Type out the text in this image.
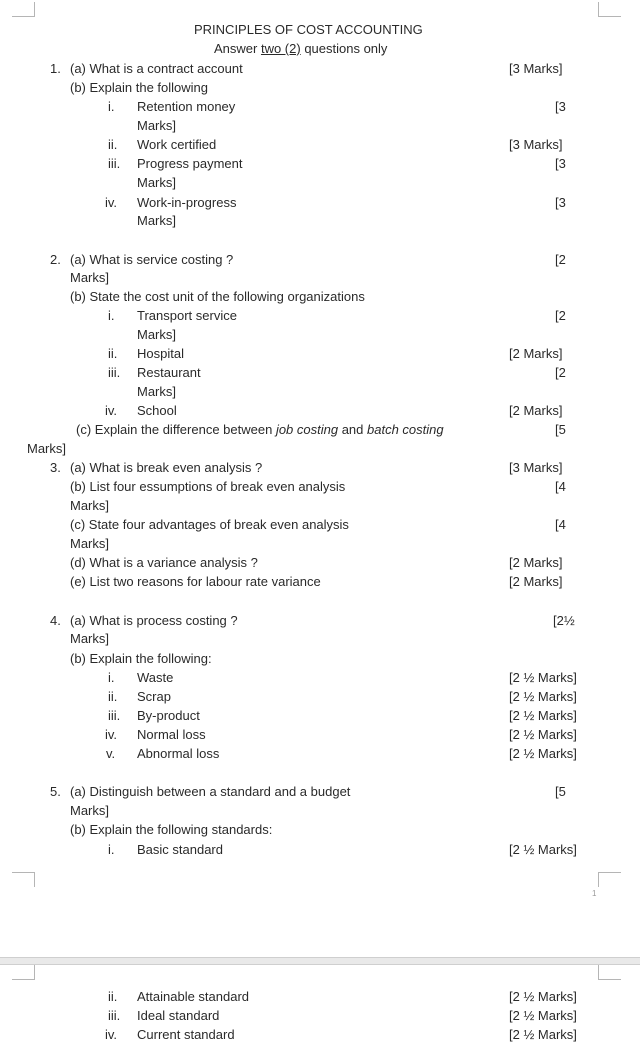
1
PRINCIPLES OF COST ACCOUNTING
Answer two (2) questions only
1. (a) What is a contract account	[3 Marks]
(b) Explain the following
i. Retention money	[3
Marks]
ii. Work certified	[3 Marks]
iii. Progress payment	[3
Marks]
iv. Work-in-progress	[3
Marks]
2. (a) What is service costing ?	[2
Marks]
(b) State the cost unit of the following organizations
i. Transport service	[2
Marks]
ii. Hospital	[2 Marks]
iii. Restaurant	[2
Marks]
iv. School	[2 Marks]
(c) Explain the difference between job costing and batch costing	[5
Marks]
3. (a) What is break even analysis ?	[3 Marks]
(b) List four essumptions of break even analysis	[4
Marks]
(c) State four advantages of break even analysis	[4
Marks]
(d) What is a variance analysis ?	[2 Marks]
(e) List two reasons for labour rate variance	[2 Marks]
4. (a) What is process costing ?	[2½
Marks]
(b) Explain the following:
i. Waste	[2 ½ Marks]
ii. Scrap	[2 ½ Marks]
iii. By-product	[2 ½ Marks]
iv. Normal loss	[2 ½ Marks]
v. Abnormal loss	[2 ½ Marks]
5. (a) Distinguish between a standard and a budget	[5
Marks]
(b) Explain the following standards:
i. Basic standard	[2 ½ Marks]
ii. Attainable standard	[2 ½ Marks]
iii. Ideal standard	[2 ½ Marks]
iv. Current standard	[2 ½ Marks]
